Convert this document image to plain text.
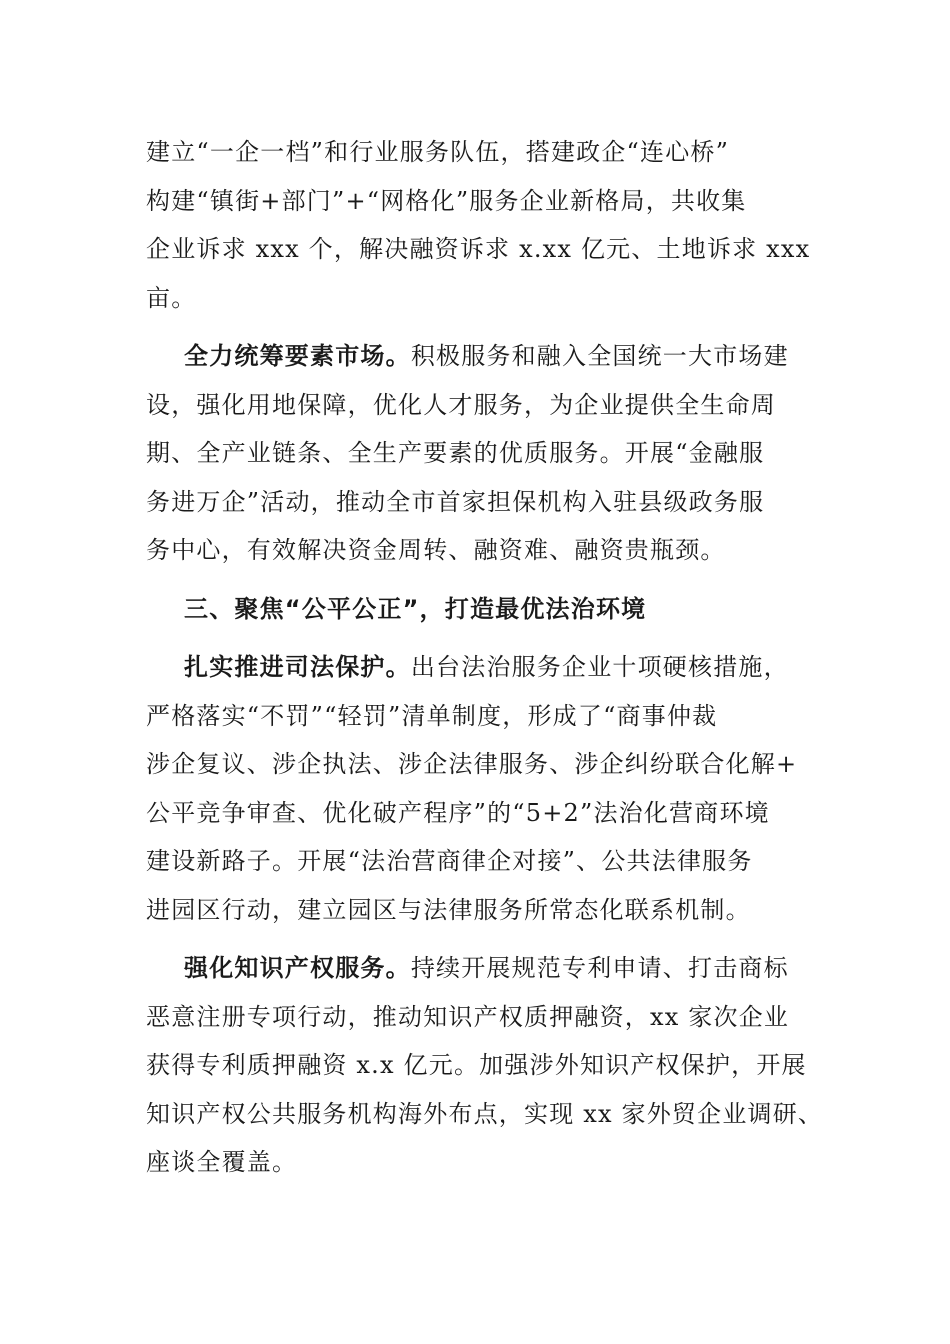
建立“一企一档”和行业服务队伍，搭建政企“连心桥”
构建“镇街+部门”+“网格化”服务企业新格局，共收集
企业诉求 xxx 个，解决融资诉求 x.xx 亿元、土地诉求 xxx
亩。
全力统筹要素市场。积极服务和融入全国统一大市场建
设，强化用地保障，优化人才服务，为企业提供全生命周
期、全产业链条、全生产要素的优质服务。开展“金融服
务进万企”活动，推动全市首家担保机构入驻县级政务服
务中心，有效解决资金周转、融资难、融资贵瓶颈。
三、聚焦“公平公正”，打造最优法治环境
扎实推进司法保护。出台法治服务企业十项硬核措施，
严格落实“不罚”“轻罚”清单制度，形成了“商事仲裁
涉企复议、涉企执法、涉企法律服务、涉企纠纷联合化解+
公平竞争审查、优化破产程序”的“5+2”法治化营商环境
建设新路子。开展“法治营商律企对接”、公共法律服务
进园区行动，建立园区与法律服务所常态化联系机制。
强化知识产权服务。持续开展规范专利申请、打击商标
恶意注册专项行动，推动知识产权质押融资，xx 家次企业
获得专利质押融资 x.x 亿元。加强涉外知识产权保护，开展
知识产权公共服务机构海外布点，实现 xx 家外贸企业调研、
座谈全覆盖。
